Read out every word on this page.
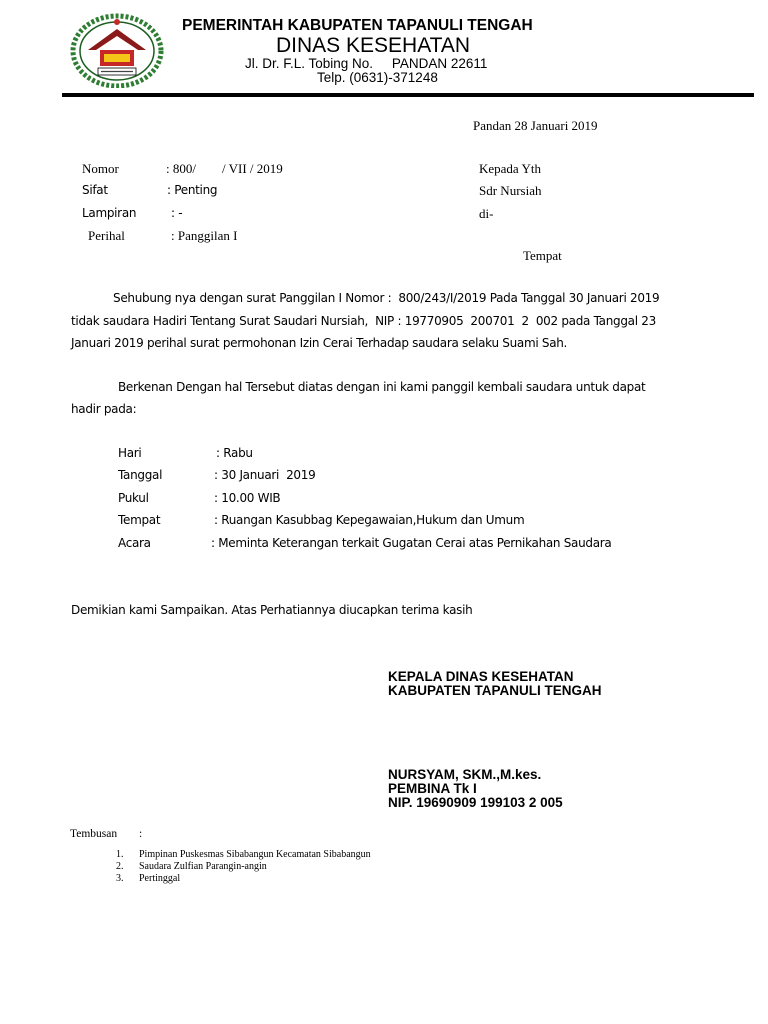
PEMERINTAH KABUPATEN TAPANULI TENGAH
DINAS KESEHATAN
Jl. Dr. F.L. Tobing No.     PANDAN 22611
Telp. (0631)-371248
Pandan 28 Januari 2019
Nomor	: 800/        / VII / 2019
Sifat	: Penting
Lampiran	: -
Perihal	: Panggilan I
Kepada Yth
Sdr Nursiah
di-
Tempat
Sehubung nya dengan surat Panggilan I Nomor :  800/243/I/2019 Pada Tanggal 30 Januari 2019
tidak saudara Hadiri Tentang Surat Saudari Nursiah,  NIP : 19770905  200701  2  002 pada Tanggal 23
Januari 2019 perihal surat permohonan Izin Cerai Terhadap saudara selaku Suami Sah.
Berkenan Dengan hal Tersebut diatas dengan ini kami panggil kembali saudara untuk dapat
hadir pada:
Hari	: Rabu
Tanggal	: 30 Januari  2019
Pukul	: 10.00 WIB
Tempat	: Ruangan Kasubbag Kepegawaian,Hukum dan Umum
Acara	: Meminta Keterangan terkait Gugatan Cerai atas Pernikahan Saudara
Demikian kami Sampaikan. Atas Perhatiannya diucapkan terima kasih
KEPALA DINAS KESEHATAN
KABUPATEN TAPANULI TENGAH
NURSYAM, SKM.,M.kes.
PEMBINA Tk I
NIP. 19690909 199103 2 005
Tembusan :
1. Pimpinan Puskesmas Sibabangun Kecamatan Sibabangun
2. Saudara Zulfian Parangin-angin
3. Pertinggal
